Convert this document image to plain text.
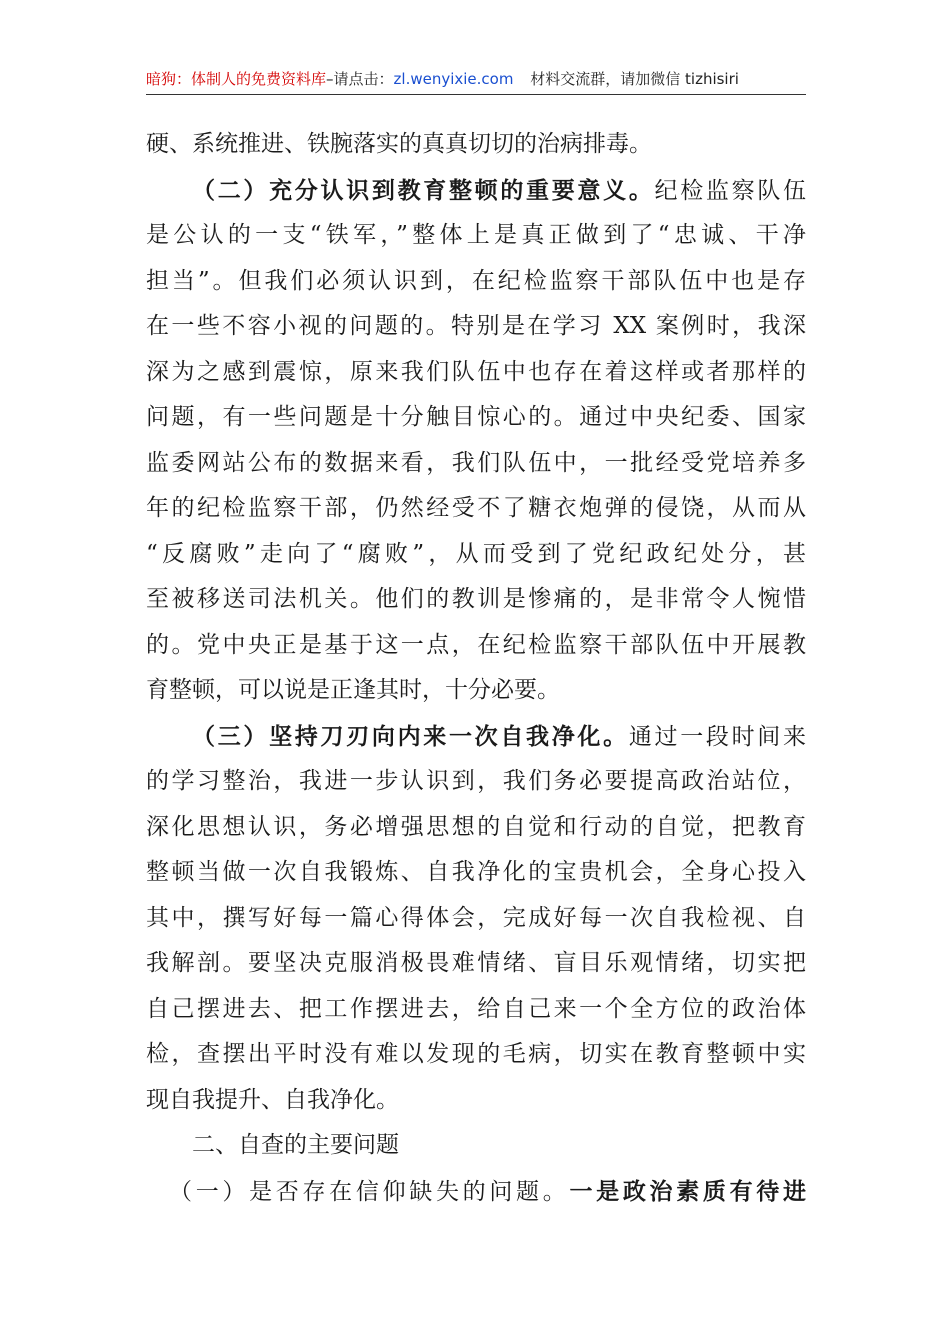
暗狗：体制人的免费资料库–请点击：zl.wenyixie.com 材料交流群，请加微信 tizhisiri
硬、系统推进、铁腕落实的真真切切的治病排毒。
（二）充分认识到教育整顿的重要意义。纪检监察队伍
是公认的一支“铁军，”整体上是真正做到了“忠诚、干净
担当”。但我们必须认识到，在纪检监察干部队伍中也是存
在一些不容小视的问题的。特别是在学习 XX 案例时，我深
深为之感到震惊，原来我们队伍中也存在着这样或者那样的
问题，有一些问题是十分触目惊心的。通过中央纪委、国家
监委网站公布的数据来看，我们队伍中，一批经受党培养多
年的纪检监察干部，仍然经受不了糖衣炮弹的侵饶，从而从
“反腐败”走向了“腐败”，从而受到了党纪政纪处分，甚
至被移送司法机关。他们的教训是惨痛的，是非常令人惋惜
的。党中央正是基于这一点，在纪检监察干部队伍中开展教
育整顿，可以说是正逢其时，十分必要。
（三）坚持刀刃向内来一次自我净化。通过一段时间来
的学习整治，我进一步认识到，我们务必要提高政治站位，
深化思想认识，务必增强思想的自觉和行动的自觉，把教育
整顿当做一次自我锻炼、自我净化的宝贵机会，全身心投入
其中，撰写好每一篇心得体会，完成好每一次自我检视、自
我解剖。要坚决克服消极畏难情绪、盲目乐观情绪，切实把
自己摆进去、把工作摆进去，给自己来一个全方位的政治体
检，查摆出平时没有难以发现的毛病，切实在教育整顿中实
现自我提升、自我净化。
二、自查的主要问题
（一）是否存在信仰缺失的问题。一是政治素质有待进
